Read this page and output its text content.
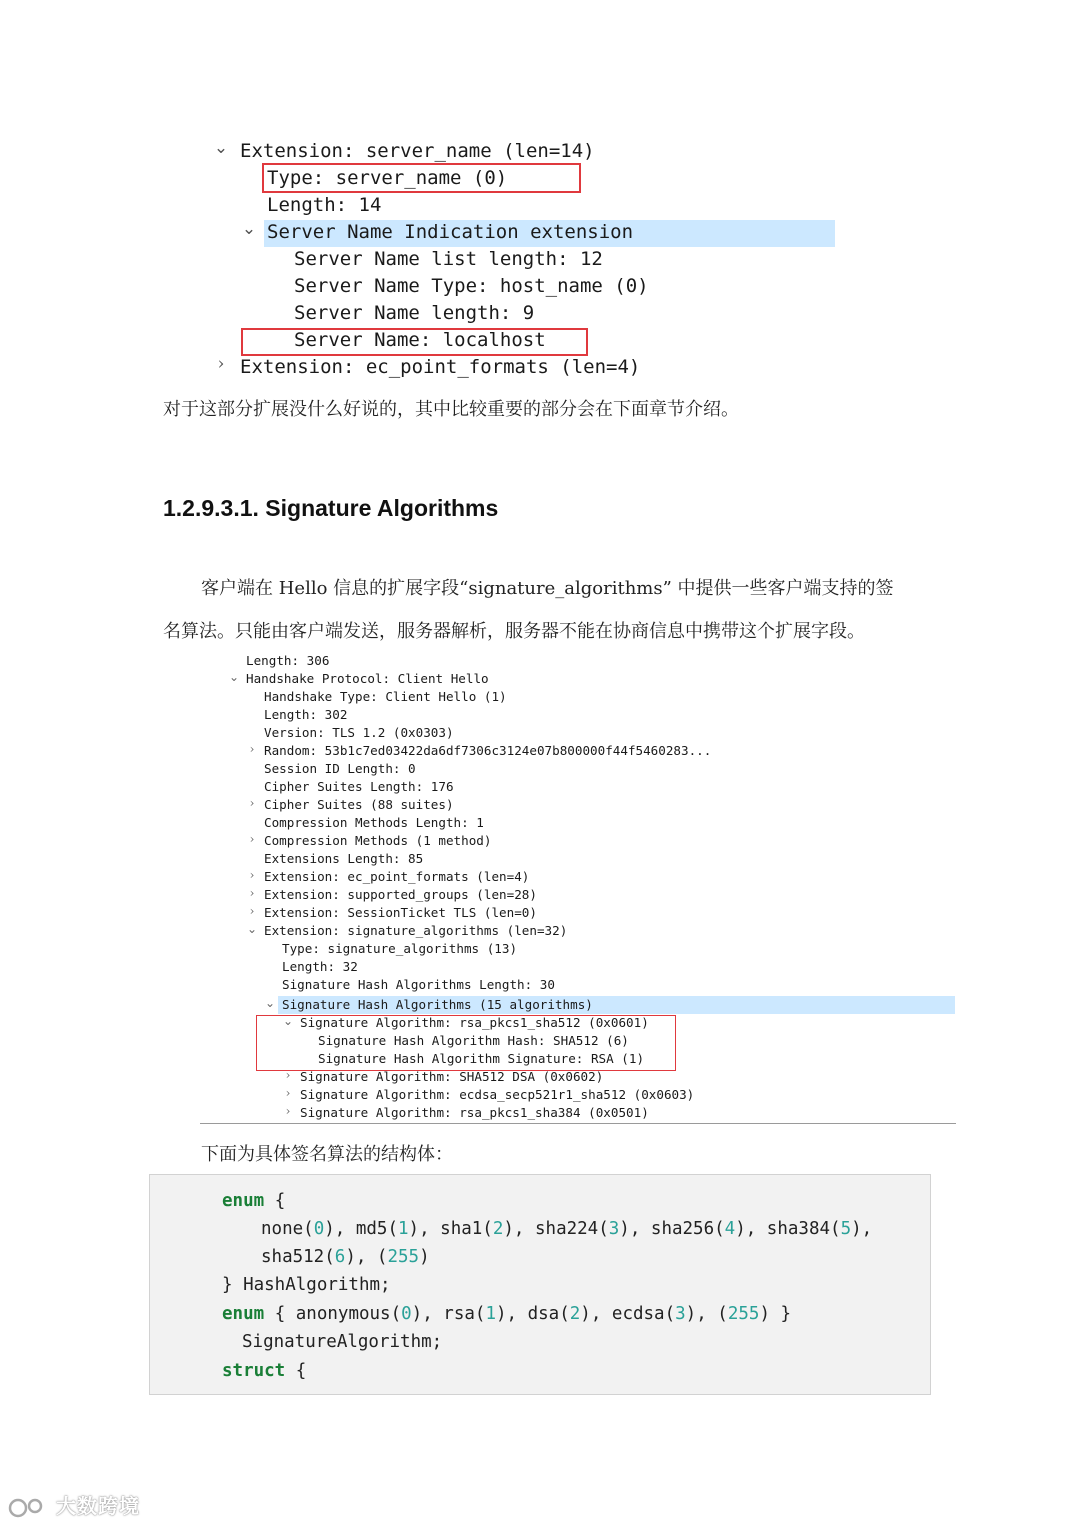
⌄ Extension: server_name (len=14)
Type: server_name (0)
Length: 14
⌄ Server Name Indication extension
Server Name list length: 12
Server Name Type: host_name (0)
Server Name length: 9
Server Name: localhost
› Extension: ec_point_formats (len=4)
对于这部分扩展没什么好说的，其中比较重要的部分会在下面章节介绍。
1.2.9.3.1. Signature Algorithms
客户端在 Hello 信息的扩展字段“signature_algorithms” 中提供一些客户端支持的签
名算法。只能由客户端发送，服务器解析，服务器不能在协商信息中携带这个扩展字段。
Length: 306
⌄ Handshake Protocol: Client Hello
Handshake Type: Client Hello (1)
Length: 302
Version: TLS 1.2 (0x0303)
› Random: 53b1c7ed03422da6df7306c3124e07b800000f44f5460283...
Session ID Length: 0
Cipher Suites Length: 176
› Cipher Suites (88 suites)
Compression Methods Length: 1
› Compression Methods (1 method)
Extensions Length: 85
› Extension: ec_point_formats (len=4)
› Extension: supported_groups (len=28)
› Extension: SessionTicket TLS (len=0)
⌄ Extension: signature_algorithms (len=32)
Type: signature_algorithms (13)
Length: 32
Signature Hash Algorithms Length: 30
⌄ Signature Hash Algorithms (15 algorithms)
⌄ Signature Algorithm: rsa_pkcs1_sha512 (0x0601)
Signature Hash Algorithm Hash: SHA512 (6)
Signature Hash Algorithm Signature: RSA (1)
› Signature Algorithm: SHA512 DSA (0x0602)
› Signature Algorithm: ecdsa_secp521r1_sha512 (0x0603)
› Signature Algorithm: rsa_pkcs1_sha384 (0x0501)
下面为具体签名算法的结构体：
enum {
none(0), md5(1), sha1(2), sha224(3), sha256(4), sha384(5),
sha512(6), (255)
} HashAlgorithm;
enum { anonymous(0), rsa(1), dsa(2), ecdsa(3), (255) }
SignatureAlgorithm;
struct {
大数跨境
